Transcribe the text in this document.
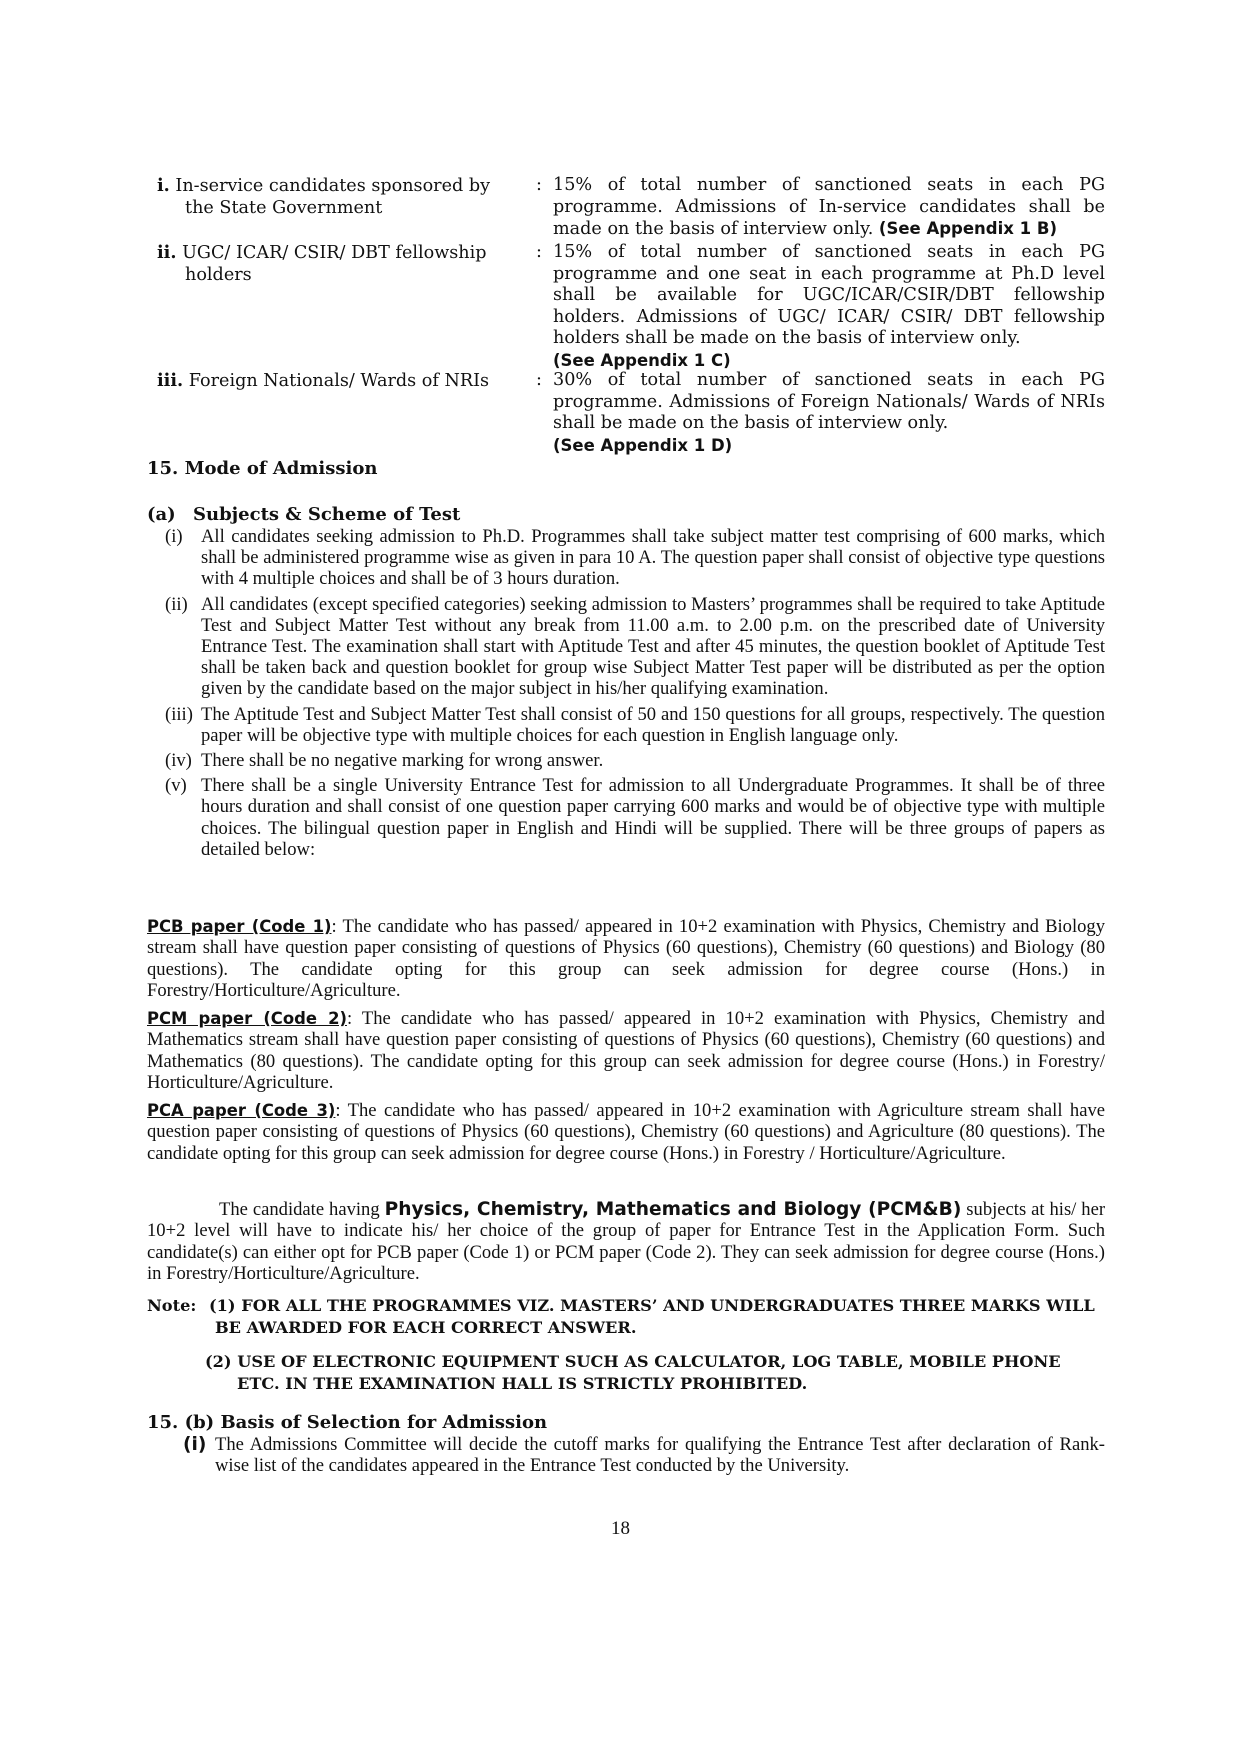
i. In-service candidates sponsored by
the State Government
: 15% of total number of sanctioned seats in each PG programme. Admissions of In-service candidates shall be made on the basis of interview only. (See Appendix 1 B)
ii. UGC/ ICAR/ CSIR/ DBT fellowship
holders
: 15% of total number of sanctioned seats in each PG programme and one seat in each programme at Ph.D level shall be available for UGC/ICAR/CSIR/DBT fellowship holders. Admissions of UGC/ ICAR/ CSIR/ DBT fellowship holders shall be made on the basis of interview only.
(See Appendix 1 C)
iii. Foreign Nationals/ Wards of NRIs	: 30% of total number of sanctioned seats in each PG programme. Admissions of Foreign Nationals/ Wards of NRIs shall be made on the basis of interview only.
(See Appendix 1 D)
15. Mode of Admission
(a) Subjects & Scheme of Test
(i) All candidates seeking admission to Ph.D. Programmes shall take subject matter test comprising of 600 marks, which shall be administered programme wise as given in para 10 A. The question paper shall consist of objective type questions with 4 multiple choices and shall be of 3 hours duration.
(ii) All candidates (except specified categories) seeking admission to Masters’ programmes shall be required to take Aptitude Test and Subject Matter Test without any break from 11.00 a.m. to 2.00 p.m. on the prescribed date of University Entrance Test. The examination shall start with Aptitude Test and after 45 minutes, the question booklet of Aptitude Test shall be taken back and question booklet for group wise Subject Matter Test paper will be distributed as per the option given by the candidate based on the major subject in his/her qualifying examination.
(iii) The Aptitude Test and Subject Matter Test shall consist of 50 and 150 questions for all groups, respectively. The question paper will be objective type with multiple choices for each question in English language only.
(iv) There shall be no negative marking for wrong answer.
(v) There shall be a single University Entrance Test for admission to all Undergraduate Programmes. It shall be of three hours duration and shall consist of one question paper carrying 600 marks and would be of objective type with multiple choices. The bilingual question paper in English and Hindi will be supplied. There will be three groups of papers as detailed below:
PCB paper (Code 1): The candidate who has passed/ appeared in 10+2 examination with Physics, Chemistry and Biology stream shall have question paper consisting of questions of Physics (60 questions), Chemistry (60 questions) and Biology (80 questions). The candidate opting for this group can seek admission for degree course (Hons.) in Forestry/Horticulture/Agriculture.
PCM paper (Code 2): The candidate who has passed/ appeared in 10+2 examination with Physics, Chemistry and Mathematics stream shall have question paper consisting of questions of Physics (60 questions), Chemistry (60 questions) and Mathematics (80 questions). The candidate opting for this group can seek admission for degree course (Hons.) in Forestry/ Horticulture/Agriculture.
PCA paper (Code 3): The candidate who has passed/ appeared in 10+2 examination with Agriculture stream shall have question paper consisting of questions of Physics (60 questions), Chemistry (60 questions) and Agriculture (80 questions). The candidate opting for this group can seek admission for degree course (Hons.) in Forestry / Horticulture/Agriculture.
The candidate having Physics, Chemistry, Mathematics and Biology (PCM&B) subjects at his/ her 10+2 level will have to indicate his/ her choice of the group of paper for Entrance Test in the Application Form. Such candidate(s) can either opt for PCB paper (Code 1) or PCM paper (Code 2). They can seek admission for degree course (Hons.) in Forestry/Horticulture/Agriculture.
Note: (1) FOR ALL THE PROGRAMMES VIZ. MASTERS’ AND UNDERGRADUATES THREE MARKS WILL
BE AWARDED FOR EACH CORRECT ANSWER.
(2) USE OF ELECTRONIC EQUIPMENT SUCH AS CALCULATOR, LOG TABLE, MOBILE PHONE
ETC. IN THE EXAMINATION HALL IS STRICTLY PROHIBITED.
15. (b) Basis of Selection for Admission
(i) The Admissions Committee will decide the cutoff marks for qualifying the Entrance Test after declaration of Rank-wise list of the candidates appeared in the Entrance Test conducted by the University.
18
